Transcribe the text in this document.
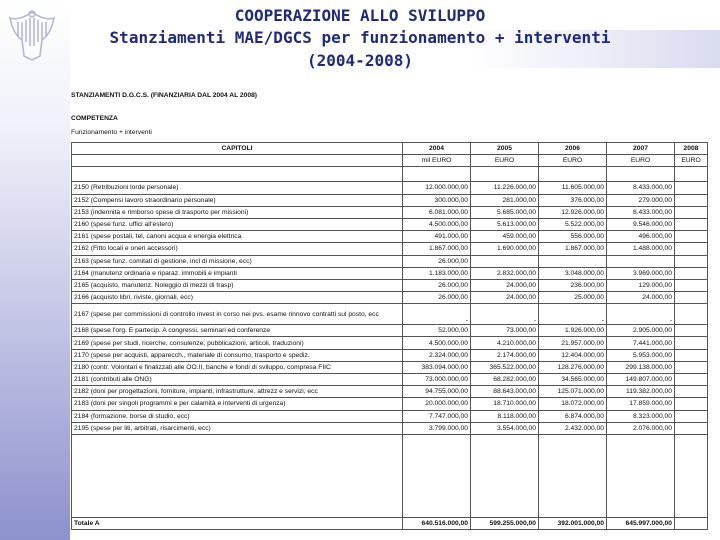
COOPERAZIONE ALLO SVILUPPO
Stanziamenti MAE/DGCS per funzionamento + interventi
(2004-2008)
STANZIAMENTI D.G.C.S. (FINANZIARIA DAL 2004 AL 2008)
COMPETENZA
Funzionamento + interventi
CAPITOLI	2004	2005	2006	2007	2008
	mil EURO	EURO	EURO	EURO	EURO

2150 (Retribuzioni lorde personale)	12.000.000,00	11.226.000,00	11.605.000,00	8.433.000,00	
2152 (Compensi lavoro straordinario personale)	300.000,00	281.000,00	376.000,00	279.000,00	
2153 (indennità e rimborso spese di trasporto per missioni)	6.081.000,00	5.685.000,00	12.926.000,00	8.433.000,00	
2160 (spese funz. uffici all'estero)	4.500.000,00	5.613.000,00	5.522.000,00	9.546.000,00	
2161 (spese postali, tel, canoni acqua e energia elettrica	491.000,00	459.000,00	556.000,00	496.000,00	
2162 (Fitto locali e oneri accessori)	1.867.000,00	1.690.000,00	1.867.000,00	1.488.000,00	
2163 (spese funz. comitati di gestione, incl di missione, ecc)	26.000,00				
2164 (manutenz ordinaria e riparaz. immobili e impianti	1.183.000,00	2.832.000,00	3.048.000,00	3.969.000,00	
2165 (acquisto, manutenz. Noleggio di mezzi di trasp)	26.000,00	24.000,00	236.000,00	129.000,00	
2166 (acquisto libri, riviste, giornali, ecc)	26.000,00	24.000,00	25.000,00	24.000,00	
2167 (spese per commissioni di controllo invest in corso nei pvs. esame rinnovo contratti sul posto, ecc	-	-	-	-	
2168 (spese l'org. E partecip. A congressi, seminari ed conferenze	52.000,00	73.000,00	1.926.000,00	2.905.000,00	
2169 (spese per studi, ricerche, consulenze, pubblicazioni, articoli, traduzioni)	4.500.000,00	4.210.000,00	21.957.000,00	7.441.000,00	
2170 (spese per acquisti, apparecch., materiale di consumo, trasporto e spediz.	2.324.000,00	2.174.000,00	12.404.000,00	5.953.000,00	
2180 (contr. Volontari e finalizzati alle OO.II, banche e fondi di sviluppo, compresa FIIC	383.094.000,00	365.522.000,00	128.276.000,00	299.138.000,00	
2181 (contributi alle ONG)	73.000.000,00	68.282.000,00	34.565.000,00	149.807.000,00	
2182 (doni per progettazioni, forniture, impianti, infrastrutture, attrezz e servizi, ecc	94.755.000,00	88.643.000,00	125.071.000,00	119.382.000,00	
2183 (doni per singoli programmi e per calamità e interventi di urgenza)	20.000.000,00	18.710.000,00	18.072.000,00	17.859.000,00	
2184 (formazione, borse di studio, ecc)	7.747.000,00	8.118.000,00	6.874.000,00	8.323.000,00	
2195 (spese per liti, arbitrati, risarcimenti, ecc)	3.799.000,00	3.554.000,00	2.432.000,00	2.076.000,00	

Totale A	640.516.000,00	599.255.000,00	392.001.000,00	645.997.000,00	
